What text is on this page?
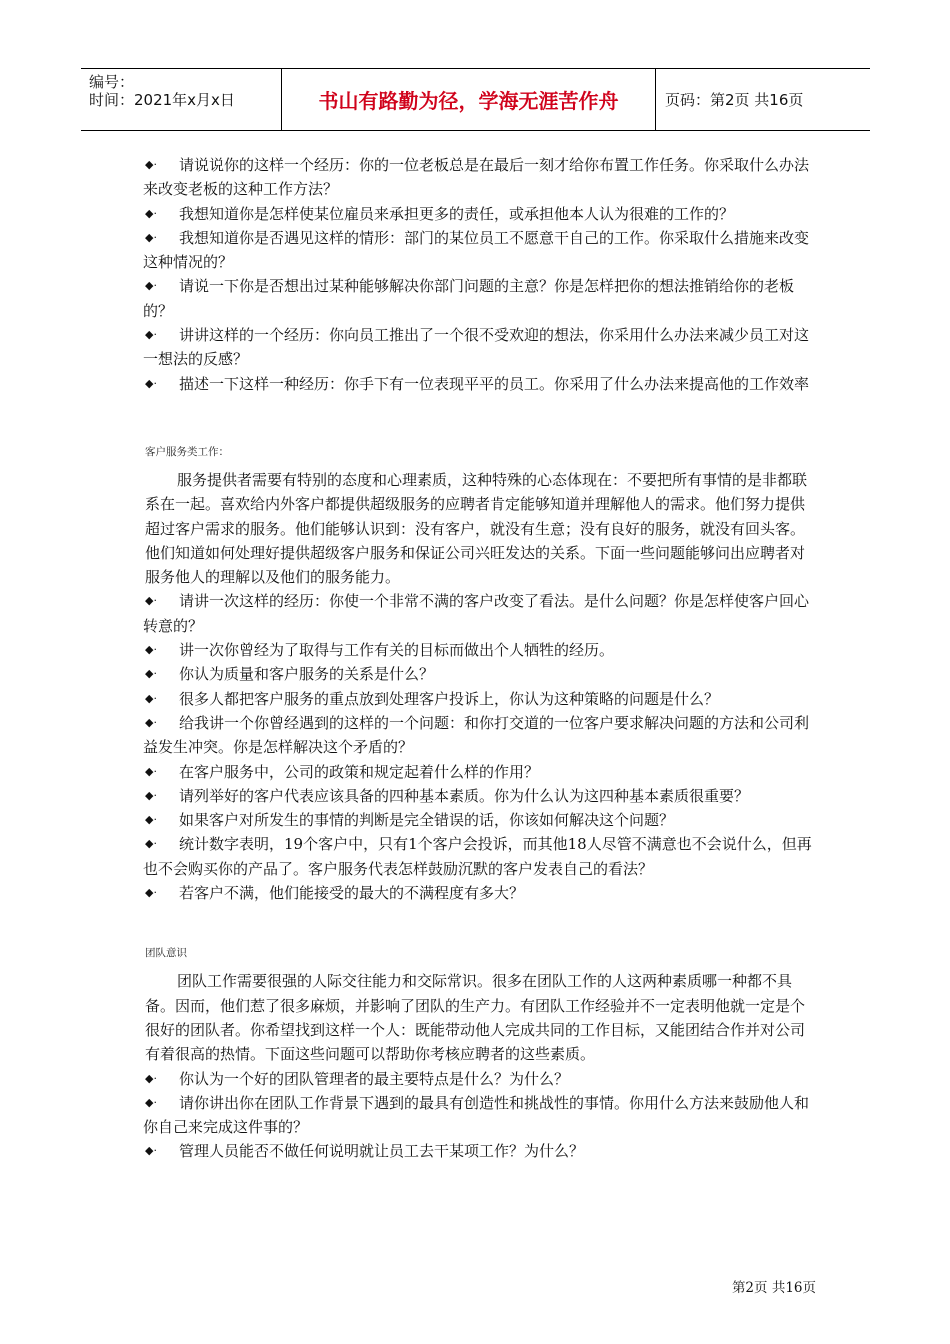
编号：
时间：2021年x月x日	书山有路勤为径，学海无涯苦作舟	页码：第2页 共16页
◆·	请说说你的这样一个经历：你的一位老板总是在最后一刻才给你布置工作任务。你采取什么办法来改变老板的这种工作方法？
◆·	我想知道你是怎样使某位雇员来承担更多的责任，或承担他本人认为很难的工作的？
◆·	我想知道你是否遇见这样的情形：部门的某位员工不愿意干自己的工作。你采取什么措施来改变这种情况的？
◆·	请说一下你是否想出过某种能够解决你部门问题的主意？你是怎样把你的想法推销给你的老板的？
◆·	讲讲这样的一个经历：你向员工推出了一个很不受欢迎的想法，你采用什么办法来减少员工对这一想法的反感？
◆·	描述一下这样一种经历：你手下有一位表现平平的员工。你采用了什么办法来提高他的工作效率
客户服务类工作：
服务提供者需要有特别的态度和心理素质，这种特殊的心态体现在：不要把所有事情的是非都联系在一起。喜欢给内外客户都提供超级服务的应聘者肯定能够知道并理解他人的需求。他们努力提供超过客户需求的服务。他们能够认识到：没有客户，就没有生意；没有良好的服务，就没有回头客。他们知道如何处理好提供超级客户服务和保证公司兴旺发达的关系。下面一些问题能够问出应聘者对服务他人的理解以及他们的服务能力。
◆·	请讲一次这样的经历：你使一个非常不满的客户改变了看法。是什么问题？你是怎样使客户回心转意的？
◆·	讲一次你曾经为了取得与工作有关的目标而做出个人牺牲的经历。
◆·	你认为质量和客户服务的关系是什么？
◆·	很多人都把客户服务的重点放到处理客户投诉上，你认为这种策略的问题是什么？
◆·	给我讲一个你曾经遇到的这样的一个问题：和你打交道的一位客户要求解决问题的方法和公司利益发生冲突。你是怎样解决这个矛盾的？
◆·	在客户服务中，公司的政策和规定起着什么样的作用？
◆·	请列举好的客户代表应该具备的四种基本素质。你为什么认为这四种基本素质很重要？
◆·	如果客户对所发生的事情的判断是完全错误的话，你该如何解决这个问题？
◆·	统计数字表明，19个客户中，只有1个客户会投诉，而其他18人尽管不满意也不会说什么，但再也不会购买你的产品了。客户服务代表怎样鼓励沉默的客户发表自己的看法？
◆·	若客户不满，他们能接受的最大的不满程度有多大？
团队意识
团队工作需要很强的人际交往能力和交际常识。很多在团队工作的人这两种素质哪一种都不具备。因而，他们惹了很多麻烦，并影响了团队的生产力。有团队工作经验并不一定表明他就一定是个很好的团队者。你希望找到这样一个人：既能带动他人完成共同的工作目标，又能团结合作并对公司有着很高的热情。下面这些问题可以帮助你考核应聘者的这些素质。
◆·	你认为一个好的团队管理者的最主要特点是什么？为什么？
◆·	请你讲出你在团队工作背景下遇到的最具有创造性和挑战性的事情。你用什么方法来鼓励他人和你自己来完成这件事的？
◆·	管理人员能否不做任何说明就让员工去干某项工作？为什么？
第2页 共16页
